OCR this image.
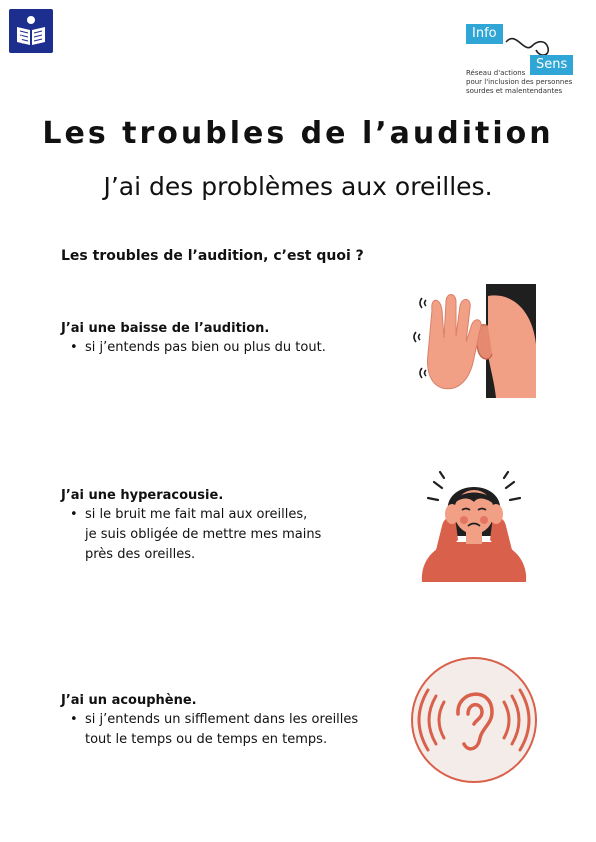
Info
Sens
Réseau d'actions
pour l'inclusion des personnes
sourdes et malentendantes
Les troubles de l’audition
J’ai des problèmes aux oreilles.

Les troubles de l’audition, c’est quoi ?

J’ai une baisse de l’audition.
• si j’entends pas bien ou plus du tout.
J’ai une hyperacousie.
• si le bruit me fait mal aux oreilles,
je suis obligée de mettre mes mains
près des oreilles.
J’ai un acouphène.
• si j’entends un sifflement dans les oreilles
tout le temps ou de temps en temps.
